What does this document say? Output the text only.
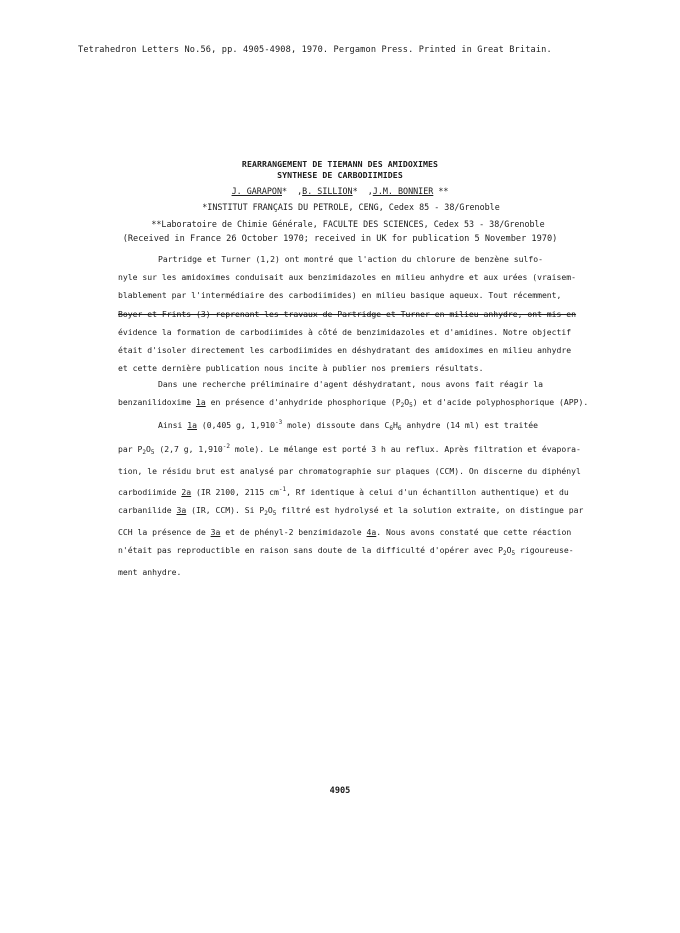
Tetrahedron Letters No.56, pp. 4905-4908, 1970. Pergamon Press. Printed in Great Britain.
REARRANGEMENT DE TIEMANN DES AMIDOXIMES
SYNTHESE DE CARBODIIMIDES
J. GARAPON*  ,B. SILLION*  ,J.M. BONNIER **
*INSTITUT FRANÇAIS DU PETROLE, CENG, Cedex 85 - 38/Grenoble
**Laboratoire de Chimie Générale, FACULTE DES SCIENCES, Cedex 53 - 38/Grenoble
(Received in France 26 October 1970; received in UK for publication 5 November 1970)

Partridge et Turner (1,2) ont montré que l'action du chlorure de benzène sulfo-

nyle sur les amidoximes conduisait aux benzimidazoles en milieu anhydre et aux urées (vraisem-

blablement par l'intermédiaire des carbodiimides) en milieu basique aqueux. Tout récemment,

Boyer et Frints (3) reprenant les travaux de Partridge et Turner en milieu anhydre, ont mis en

évidence la formation de carbodiimides à côté de benzimidazoles et d'amidines. Notre objectif

était d'isoler directement les carbodiimides en déshydratant des amidoximes en milieu anhydre

et cette dernière publication nous incite à publier nos premiers résultats.

Dans une recherche préliminaire d'agent déshydratant, nous avons fait réagir la

benzanilidoxime 1a en présence d'anhydride phosphorique $(P_2O_5)$ et d'acide polyphosphorique (APP).

Ainsi 1a (0,405 g, $1,910^{-3}$ mole) dissoute dans $C_6H_6$ anhydre (14 ml) est traitée

par $P_2O_5$ (2,7 g, $1,910^{-2}$ mole). Le mélange est porté 3 h au reflux. Après filtration et évapora-

tion, le résidu brut est analysé par chromatographie sur plaques (CCM). On discerne du diphényl

carbodiimide 2a (IR 2100, 2115 $cm^{-1}$, Rf identique à celui d'un échantillon authentique) et du

carbanilide 3a (IR, CCM). Si $P_2O_5$ filtré est hydrolysé et la solution extraite, on distingue par

CCH la présence de 3a et de phényl-2 benzimidazole 4a. Nous avons constaté que cette réaction

n'était pas reproductible en raison sans doute de la difficulté d'opérer avec $P_2O_5$ rigoureuse-

ment anhydre.

4905
